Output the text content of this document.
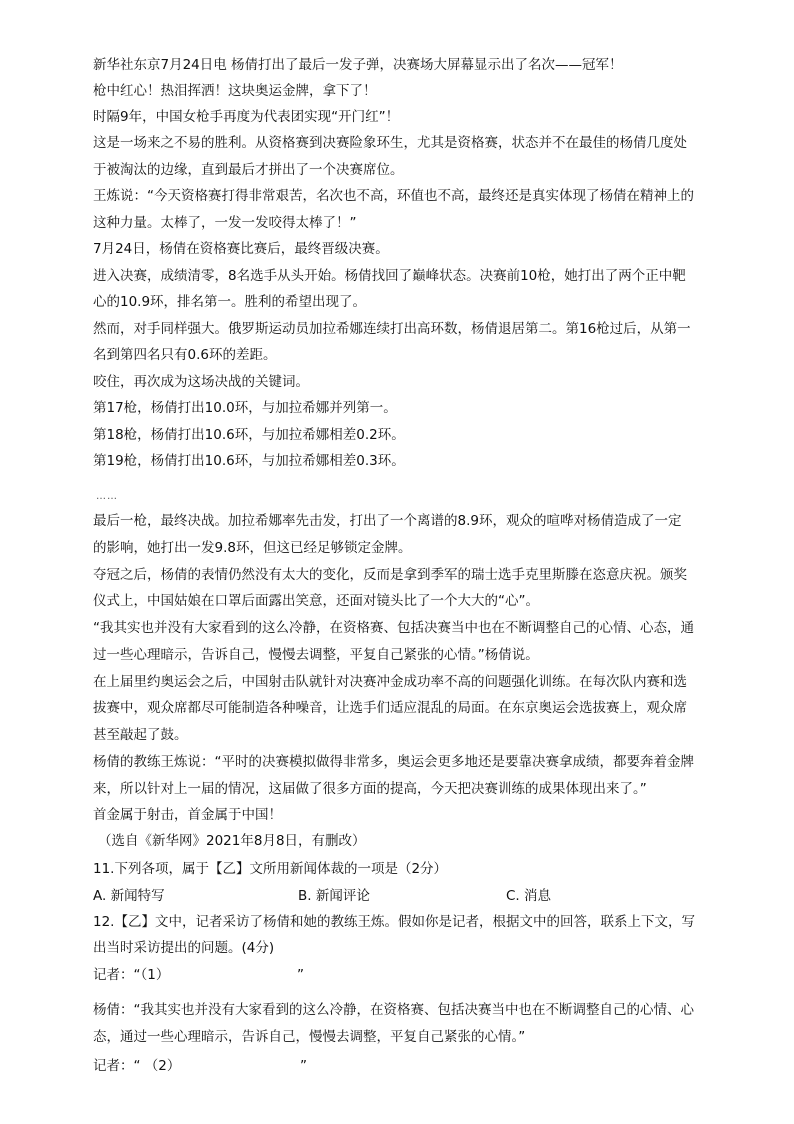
新华社东京7月24日电 杨倩打出了最后一发子弹，决赛场大屏幕显示出了名次——冠军！
枪中红心！热泪挥洒！这块奥运金牌，拿下了！
时隔9年，中国女枪手再度为代表团实现“开门红”！
这是一场来之不易的胜利。从资格赛到决赛险象环生，尤其是资格赛，状态并不在最佳的杨倩几度处
于被淘汰的边缘，直到最后才拼出了一个决赛席位。
王炼说：“今天资格赛打得非常艰苦，名次也不高，环值也不高，最终还是真实体现了杨倩在精神上的
这种力量。太棒了，一发一发咬得太棒了！”
7月24日，杨倩在资格赛比赛后，最终晋级决赛。
进入决赛，成绩清零，8名选手从头开始。杨倩找回了巅峰状态。决赛前10枪，她打出了两个正中靶
心的10.9环，排名第一。胜利的希望出现了。
然而，对手同样强大。俄罗斯运动员加拉希娜连续打出高环数，杨倩退居第二。第16枪过后，从第一
名到第四名只有0.6环的差距。
咬住，再次成为这场决战的关键词。
第17枪，杨倩打出10.0环，与加拉希娜并列第一。
第18枪，杨倩打出10.6环，与加拉希娜相差0.2环。
第19枪，杨倩打出10.6环，与加拉希娜相差0.3环。
……
最后一枪，最终决战。加拉希娜率先击发，打出了一个离谱的8.9环，观众的喧哗对杨倩造成了一定
的影响，她打出一发9.8环，但这已经足够锁定金牌。
夺冠之后，杨倩的表情仍然没有太大的变化，反而是拿到季军的瑞士选手克里斯滕在恣意庆祝。颁奖
仪式上，中国姑娘在口罩后面露出笑意，还面对镜头比了一个大大的“心”。
“我其实也并没有大家看到的这么冷静，在资格赛、包括决赛当中也在不断调整自己的心情、心态，通
过一些心理暗示，告诉自己，慢慢去调整，平复自己紧张的心情。”杨倩说。
在上届里约奥运会之后，中国射击队就针对决赛冲金成功率不高的问题强化训练。在每次队内赛和选
拔赛中，观众席都尽可能制造各种噪音，让选手们适应混乱的局面。在东京奥运会选拔赛上，观众席
甚至敲起了鼓。
杨倩的教练王炼说：“平时的决赛模拟做得非常多，奥运会更多地还是要靠决赛拿成绩，都要奔着金牌
来，所以针对上一届的情况，这届做了很多方面的提高，今天把决赛训练的成果体现出来了。”
首金属于射击，首金属于中国！
（选自《新华网》2021年8月8日，有删改）
11.下列各项，属于【乙】文所用新闻体裁的一项是（2分）
A. 新闻特写	B. 新闻评论	C. 消息
12.【乙】文中，记者采访了杨倩和她的教练王炼。假如你是记者，根据文中的回答，联系上下文，写
出当时采访提出的问题。(4分)
记者：“（1）	”
杨倩：“我其实也并没有大家看到的这么冷静，在资格赛、包括决赛当中也在不断调整自己的心情、心
态，通过一些心理暗示，告诉自己，慢慢去调整，平复自己紧张的心情。”
记者：“ （2）	”
